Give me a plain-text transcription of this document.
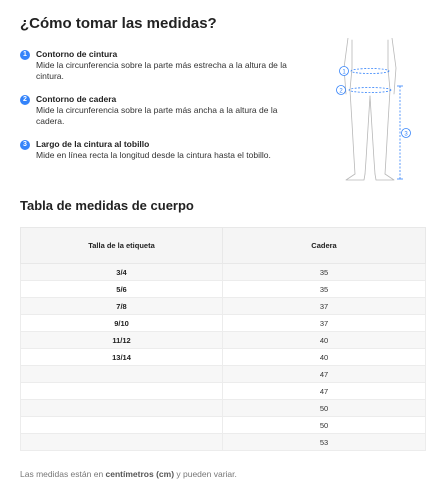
¿Cómo tomar las medidas?
1	Contorno de cintura
Mide la circunferencia sobre la parte más estrecha a la altura de la cintura.
2	Contorno de cadera
Mide la circunferencia sobre la parte más ancha a la altura de la cadera.
3	Largo de la cintura al tobillo
Mide en línea recta la longitud desde la cintura hasta el tobillo.
1
2
3
Tabla de medidas de cuerpo
Talla de la etiqueta	Cadera
3/4	35
5/6	35
7/8	37
9/10	37
11/12	40
13/14	40
	47
	47
	50
	50
	53

Las medidas están en centímetros (cm) y pueden variar.
